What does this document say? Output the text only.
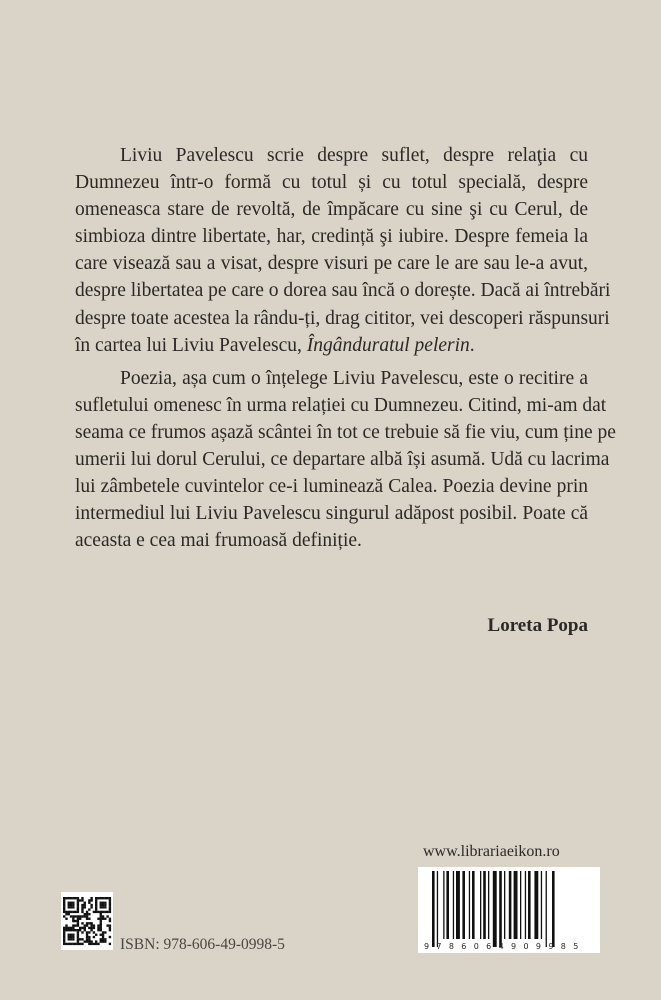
Liviu Pavelescu scrie despre suflet, despre relaţia cu
Dumnezeu într-o formă cu totul și cu totul specială, despre
omeneasca stare de revoltă, de împăcare cu sine şi cu Cerul, de
simbioza dintre libertate, har, credință şi iubire. Despre femeia la
care visează sau a visat, despre visuri pe care le are sau le-a avut,
despre libertatea pe care o dorea sau încă o dorește. Dacă ai întrebări
despre toate acestea la rându-ți, drag cititor, vei descoperi răspunsuri
în cartea lui Liviu Pavelescu, Îngânduratul pelerin.
Poezia, așa cum o înțelege Liviu Pavelescu, este o recitire a
sufletului omenesc în urma relației cu Dumnezeu. Citind, mi-am dat
seama ce frumos așază scântei în tot ce trebuie să fie viu, cum ține pe
umerii lui dorul Cerului, ce departare albă își asumă. Udă cu lacrima
lui zâmbetele cuvintelor ce-i luminează Calea. Poezia devine prin
intermediul lui Liviu Pavelescu singurul adăpost posibil. Poate că
aceasta e cea mai frumoasă definiție.
Loreta Popa
www.librariaeikon.ro
9 7 8 6 0 6 4 9 0 9 9 8 5
ISBN: 978-606-49-0998-5
